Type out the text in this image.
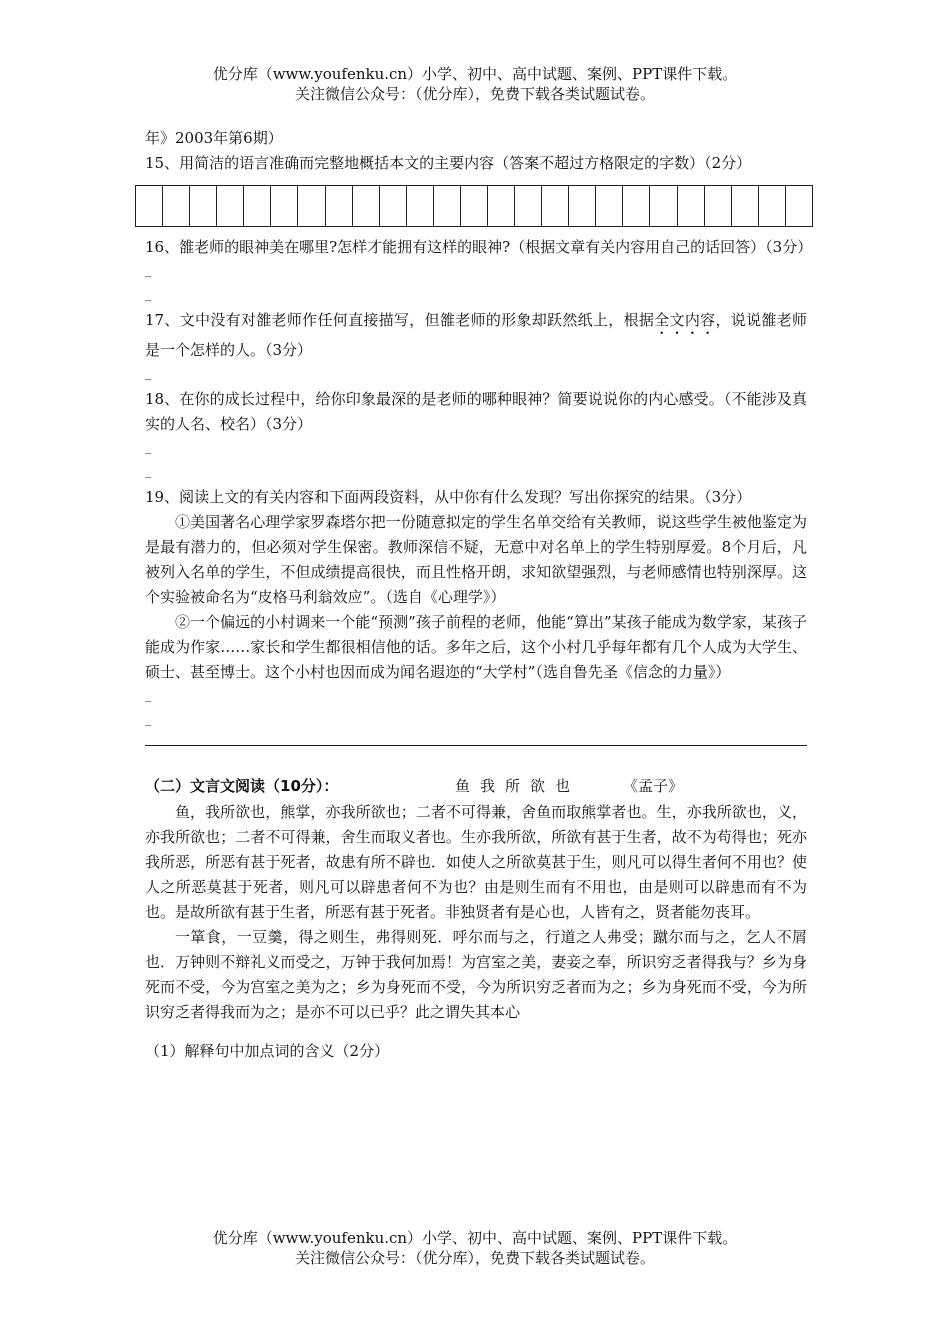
优分库（www.youfenku.cn）小学、初中、高中试题、案例、PPT课件下载。
关注微信公众号：（优分库），免费下载各类试题试卷。

年》2003年第6期）

15、用简洁的语言准确而完整地概括本文的主要内容（答案不超过方格限定的字数）（2分）

16、雒老师的眼神美在哪里?怎样才能拥有这样的眼神?（根据文章有关内容用自己的话回答）（3分）

_
_

17、文中没有对雒老师作任何直接描写，但雒老师的形象却跃然纸上，根据全文内容，说说雒老师是一个怎样的人。（3分）

_

18、在你的成长过程中，给你印象最深的是老师的哪种眼神？简要说说你的内心感受。（不能涉及真实的人名、校名）（3分）

_
_

19、阅读上文的有关内容和下面两段资料，从中你有什么发现？写出你探究的结果。（3分）

①美国著名心理学家罗森塔尔把一份随意拟定的学生名单交给有关教师，说这些学生被他鉴定为是最有潜力的，但必须对学生保密。教师深信不疑，无意中对名单上的学生特别厚爱。8个月后，凡被列入名单的学生，不但成绩提高很快，而且性格开朗，求知欲望强烈，与老师感情也特别深厚。这个实验被命名为“皮格马利翁效应”。（选自《心理学》）

②一个偏远的小村调来一个能“预测”孩子前程的老师，他能“算出”某孩子能成为数学家，某孩子能成为作家……家长和学生都很相信他的话。多年之后，这个小村几乎每年都有几个人成为大学生、硕士、甚至博士。这个小村也因而成为闻名遐迩的“大学村”（选自鲁先圣《信念的力量》）

_
_
（二）文言文阅读（10分）：	鱼我所欲也	《孟子》

鱼，我所欲也，熊掌，亦我所欲也；二者不可得兼，舍鱼而取熊掌者也。生，亦我所欲也，义，亦我所欲也；二者不可得兼，舍生而取义者也。生亦我所欲，所欲有甚于生者，故不为苟得也；死亦我所恶，所恶有甚于死者，故患有所不辟也．如使人之所欲莫甚于生，则凡可以得生者何不用也？使人之所恶莫甚于死者，则凡可以辟患者何不为也？由是则生而有不用也，由是则可以辟患而有不为也。是故所欲有甚于生者，所恶有甚于死者。非独贤者有是心也，人皆有之，贤者能勿丧耳。

一箪食，一豆羹，得之则生，弗得则死．呼尔而与之，行道之人弗受；蹴尔而与之，乞人不屑也．万钟则不辩礼义而受之，万钟于我何加焉！为宫室之美，妻妾之奉，所识穷乏者得我与？乡为身死而不受，今为宫室之美为之；乡为身死而不受，今为所识穷乏者而为之；乡为身死而不受，今为所识穷乏者得我而为之；是亦不可以已乎？此之谓失其本心

（1）解释句中加点词的含义（2分）

优分库（www.youfenku.cn）小学、初中、高中试题、案例、PPT课件下载。
关注微信公众号：（优分库），免费下载各类试题试卷。
